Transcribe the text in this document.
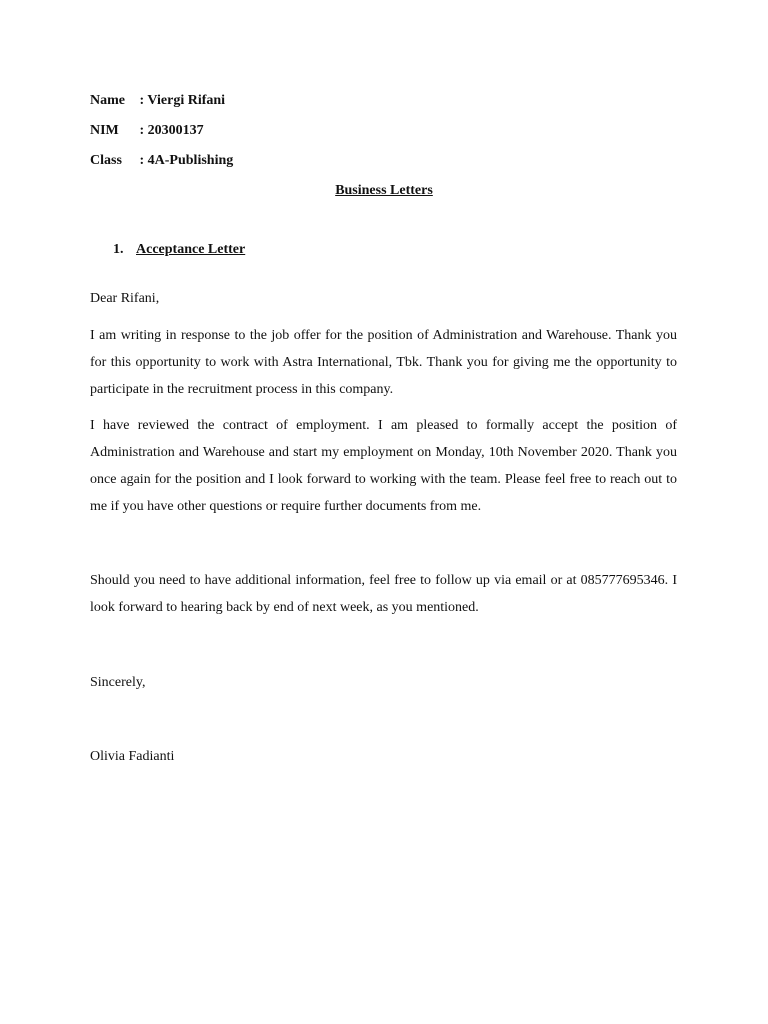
Name : Viergi Rifani
NIM : 20300137
Class : 4A-Publishing
Business Letters
1. Acceptance Letter
Dear Rifani,

I am writing in response to the job offer for the position of Administration and Warehouse. Thank you for this opportunity to work with Astra International, Tbk. Thank you for giving me the opportunity to participate in the recruitment process in this company.

I have reviewed the contract of employment. I am pleased to formally accept the position of Administration and Warehouse and start my employment on Monday, 10th November 2020. Thank you once again for the position and I look forward to working with the team. Please feel free to reach out to me if you have other questions or require further documents from me.

Should you need to have additional information, feel free to follow up via email or at 085777695346. I look forward to hearing back by end of next week, as you mentioned.

Sincerely,
Olivia Fadianti
